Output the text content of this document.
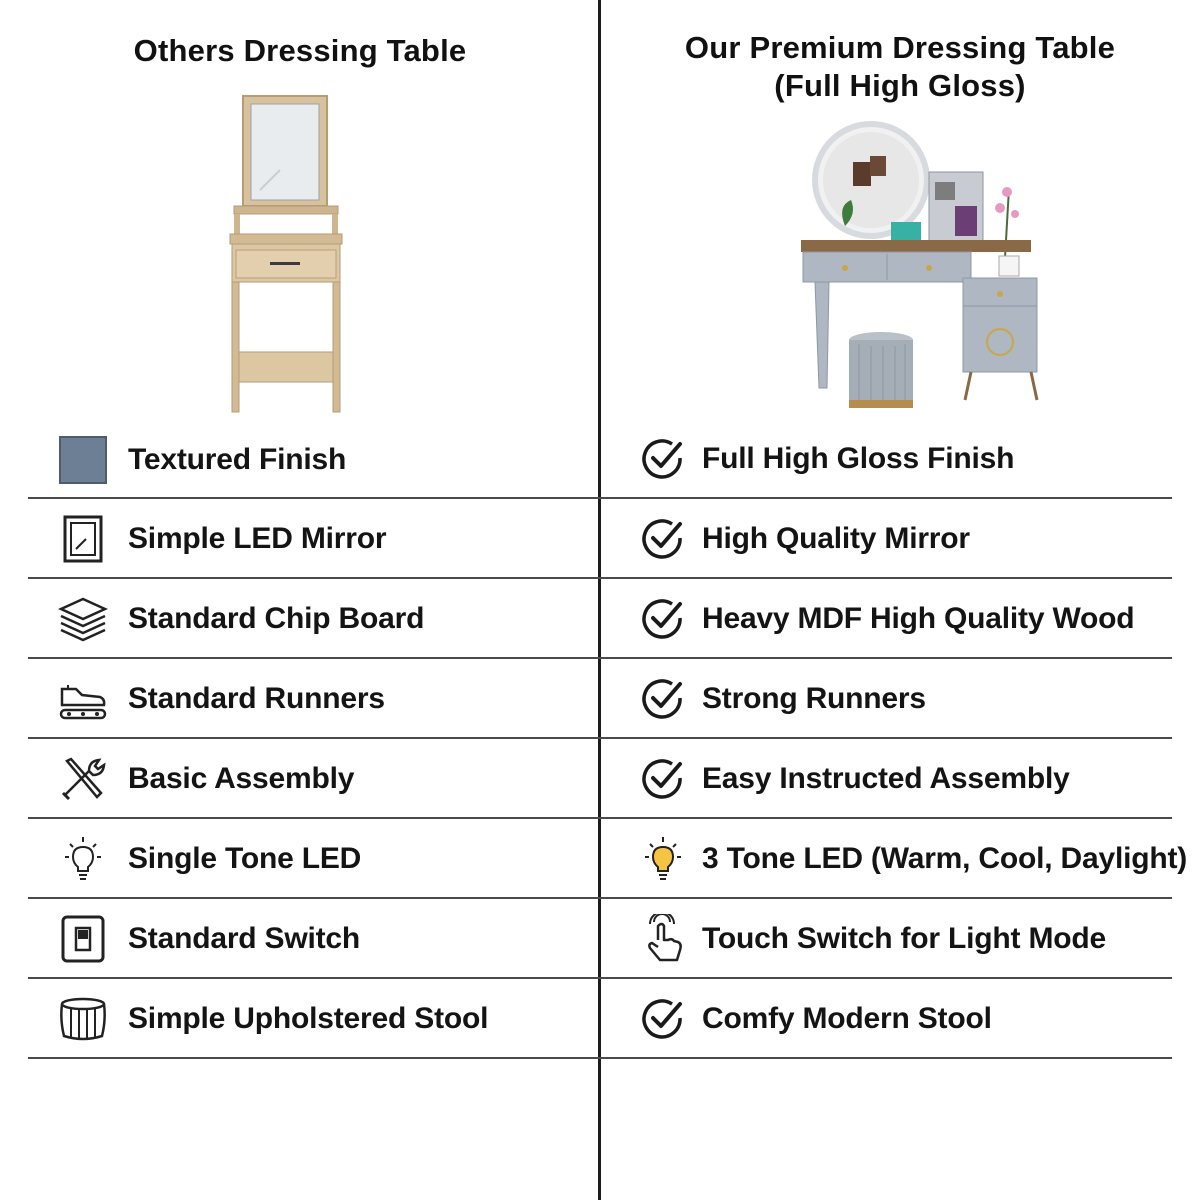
Others Dressing Table	Our Premium Dressing Table
(Full High Gloss)
Textured Finish
Simple LED Mirror
Standard Chip Board
Standard Runners
Basic Assembly
Single Tone LED
Standard Switch
Simple Upholstered Stool
Full High Gloss Finish
High Quality Mirror
Heavy MDF High Quality Wood
Strong Runners
Easy Instructed Assembly
3 Tone LED (Warm, Cool, Daylight)
Touch Switch for Light Mode
Comfy Modern Stool
